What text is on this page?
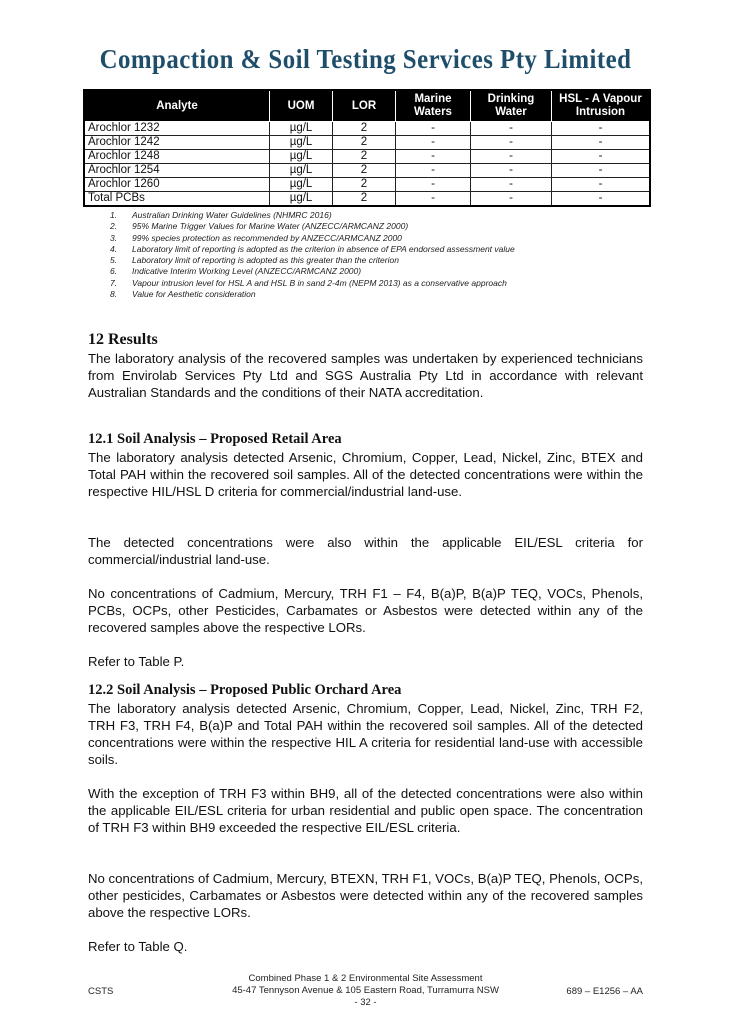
Compaction & Soil Testing Services Pty Limited
Analyte	UOM	LOR	Marine Waters	Drinking Water	HSL - A Vapour Intrusion
Arochlor 1232	µg/L	2	-	-	-
Arochlor 1242	µg/L	2	-	-	-
Arochlor 1248	µg/L	2	-	-	-
Arochlor 1254	µg/L	2	-	-	-
Arochlor 1260	µg/L	2	-	-	-
Total PCBs	µg/L	2	-	-	-
1. Australian Drinking Water Guidelines (NHMRC 2016)
2. 95% Marine Trigger Values for Marine Water (ANZECC/ARMCANZ 2000)
3. 99% species protection as recommended by ANZECC/ARMCANZ 2000
4. Laboratory limit of reporting is adopted as the criterion in absence of EPA endorsed assessment value
5. Laboratory limit of reporting is adopted as this greater than the criterion
6. Indicative Interim Working Level (ANZECC/ARMCANZ 2000)
7. Vapour intrusion level for HSL A and HSL B in sand 2-4m (NEPM 2013) as a conservative approach
8. Value for Aesthetic consideration
12 Results
The laboratory analysis of the recovered samples was undertaken by experienced technicians from Envirolab Services Pty Ltd and SGS Australia Pty Ltd in accordance with relevant Australian Standards and the conditions of their NATA accreditation.
12.1 Soil Analysis – Proposed Retail Area
The laboratory analysis detected Arsenic, Chromium, Copper, Lead, Nickel, Zinc, BTEX and Total PAH within the recovered soil samples. All of the detected concentrations were within the respective HIL/HSL D criteria for commercial/industrial land-use.
The detected concentrations were also within the applicable EIL/ESL criteria for commercial/industrial land-use.
No concentrations of Cadmium, Mercury, TRH F1 – F4, B(a)P, B(a)P TEQ, VOCs, Phenols, PCBs, OCPs, other Pesticides, Carbamates or Asbestos were detected within any of the recovered samples above the respective LORs.
Refer to Table P.
12.2 Soil Analysis – Proposed Public Orchard Area
The laboratory analysis detected Arsenic, Chromium, Copper, Lead, Nickel, Zinc, TRH F2, TRH F3, TRH F4, B(a)P and Total PAH within the recovered soil samples. All of the detected concentrations were within the respective HIL A criteria for residential land-use with accessible soils.
With the exception of TRH F3 within BH9, all of the detected concentrations were also within the applicable EIL/ESL criteria for urban residential and public open space. The concentration of TRH F3 within BH9 exceeded the respective EIL/ESL criteria.
No concentrations of Cadmium, Mercury, BTEXN, TRH F1, VOCs, B(a)P TEQ, Phenols, OCPs, other pesticides, Carbamates or Asbestos were detected within any of the recovered samples above the respective LORs.
Refer to Table Q.
CSTS
Combined Phase 1 & 2 Environmental Site Assessment
45-47 Tennyson Avenue & 105 Eastern Road, Turramurra NSW
- 32 -
689 – E1256 – AA
